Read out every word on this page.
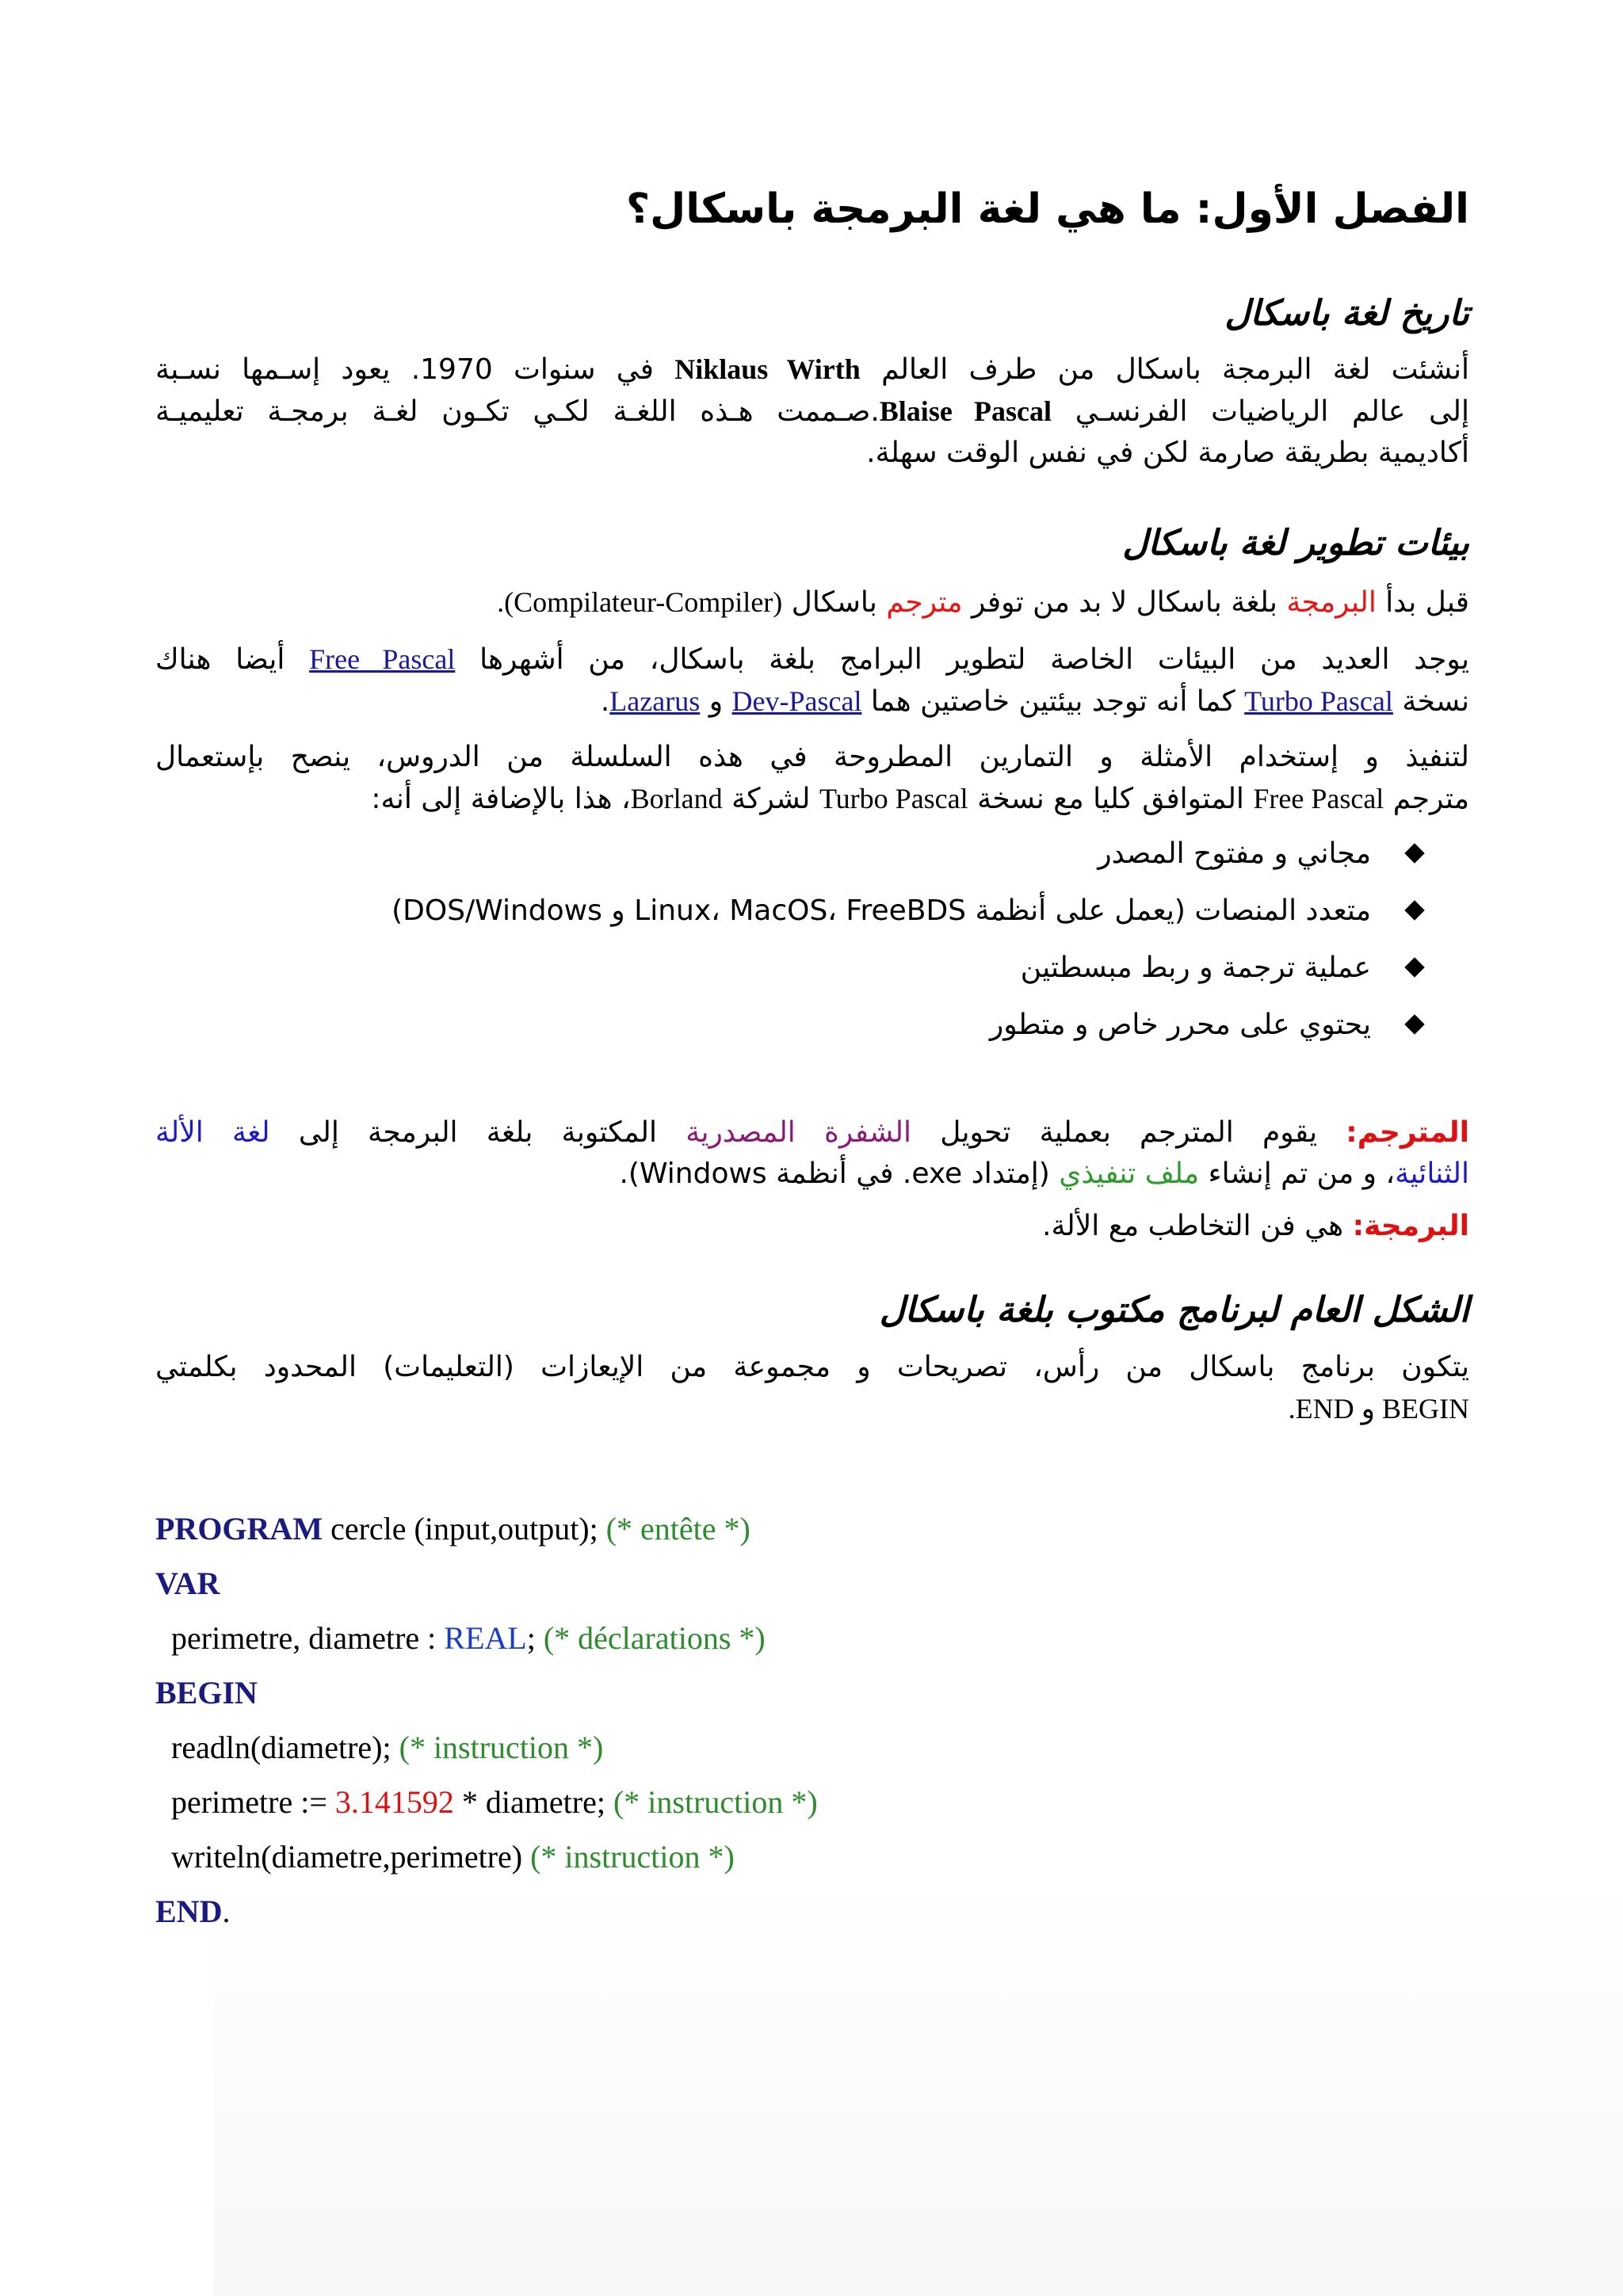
الفصل الأول: ما هي لغة البرمجة باسكال؟
تاريخ لغة باسكال
أنشئت لغة البرمجة باسكال من طرف العالم Niklaus Wirth في سنوات 1970. يعود إسـمها نسـبة
إلى عالم الرياضيات الفرنسـي Blaise Pascal.صـممت هـذه اللغـة لكـي تكـون لغـة برمجـة تعليميـة
أكاديمية بطريقة صارمة لكن في نفس الوقت سهلة.
بيئات تطوير لغة باسكال
قبل بدأ البرمجة بلغة باسكال لا بد من توفر مترجم باسكال (Compilateur-Compiler).
يوجد العديد من البيئات الخاصة لتطوير البرامج بلغة باسكال، من أشهرها Free Pascal أيضا هناك
نسخة Turbo Pascal كما أنه توجد بيئتين خاصتين هما Dev-Pascal و Lazarus.
لتنفيذ و إستخدام الأمثلة و التمارين المطروحة في هذه السلسلة من الدروس، ينصح بإستعمال
مترجم Free Pascal المتوافق كليا مع نسخة Turbo Pascal لشركة Borland، هذا بالإضافة إلى أنه:
مجاني و مفتوح المصدر
متعدد المنصات (يعمل على أنظمة Linux، MacOS، FreeBDS و DOS/Windows)
عملية ترجمة و ربط مبسطتين
يحتوي على محرر خاص و متطور
المترجم: يقوم المترجم بعملية تحويل الشفرة المصدرية المكتوبة بلغة البرمجة إلى لغة الألة
الثنائية، و من تم إنشاء ملف تنفيذي (إمتداد exe. في أنظمة Windows).
البرمجة: هي فن التخاطب مع الألة.
الشكل العام لبرنامج مكتوب بلغة باسكال
يتكون برنامج باسكال من رأس، تصريحات و مجموعة من الإيعازات (التعليمات) المحدود بكلمتي
BEGIN و END.
PROGRAM cercle (input,output); (* entête *)
VAR
perimetre, diametre : REAL; (* déclarations *)
BEGIN
readln(diametre); (* instruction *)
perimetre := 3.141592 * diametre; (* instruction *)
writeln(diametre,perimetre) (* instruction *)
END.
